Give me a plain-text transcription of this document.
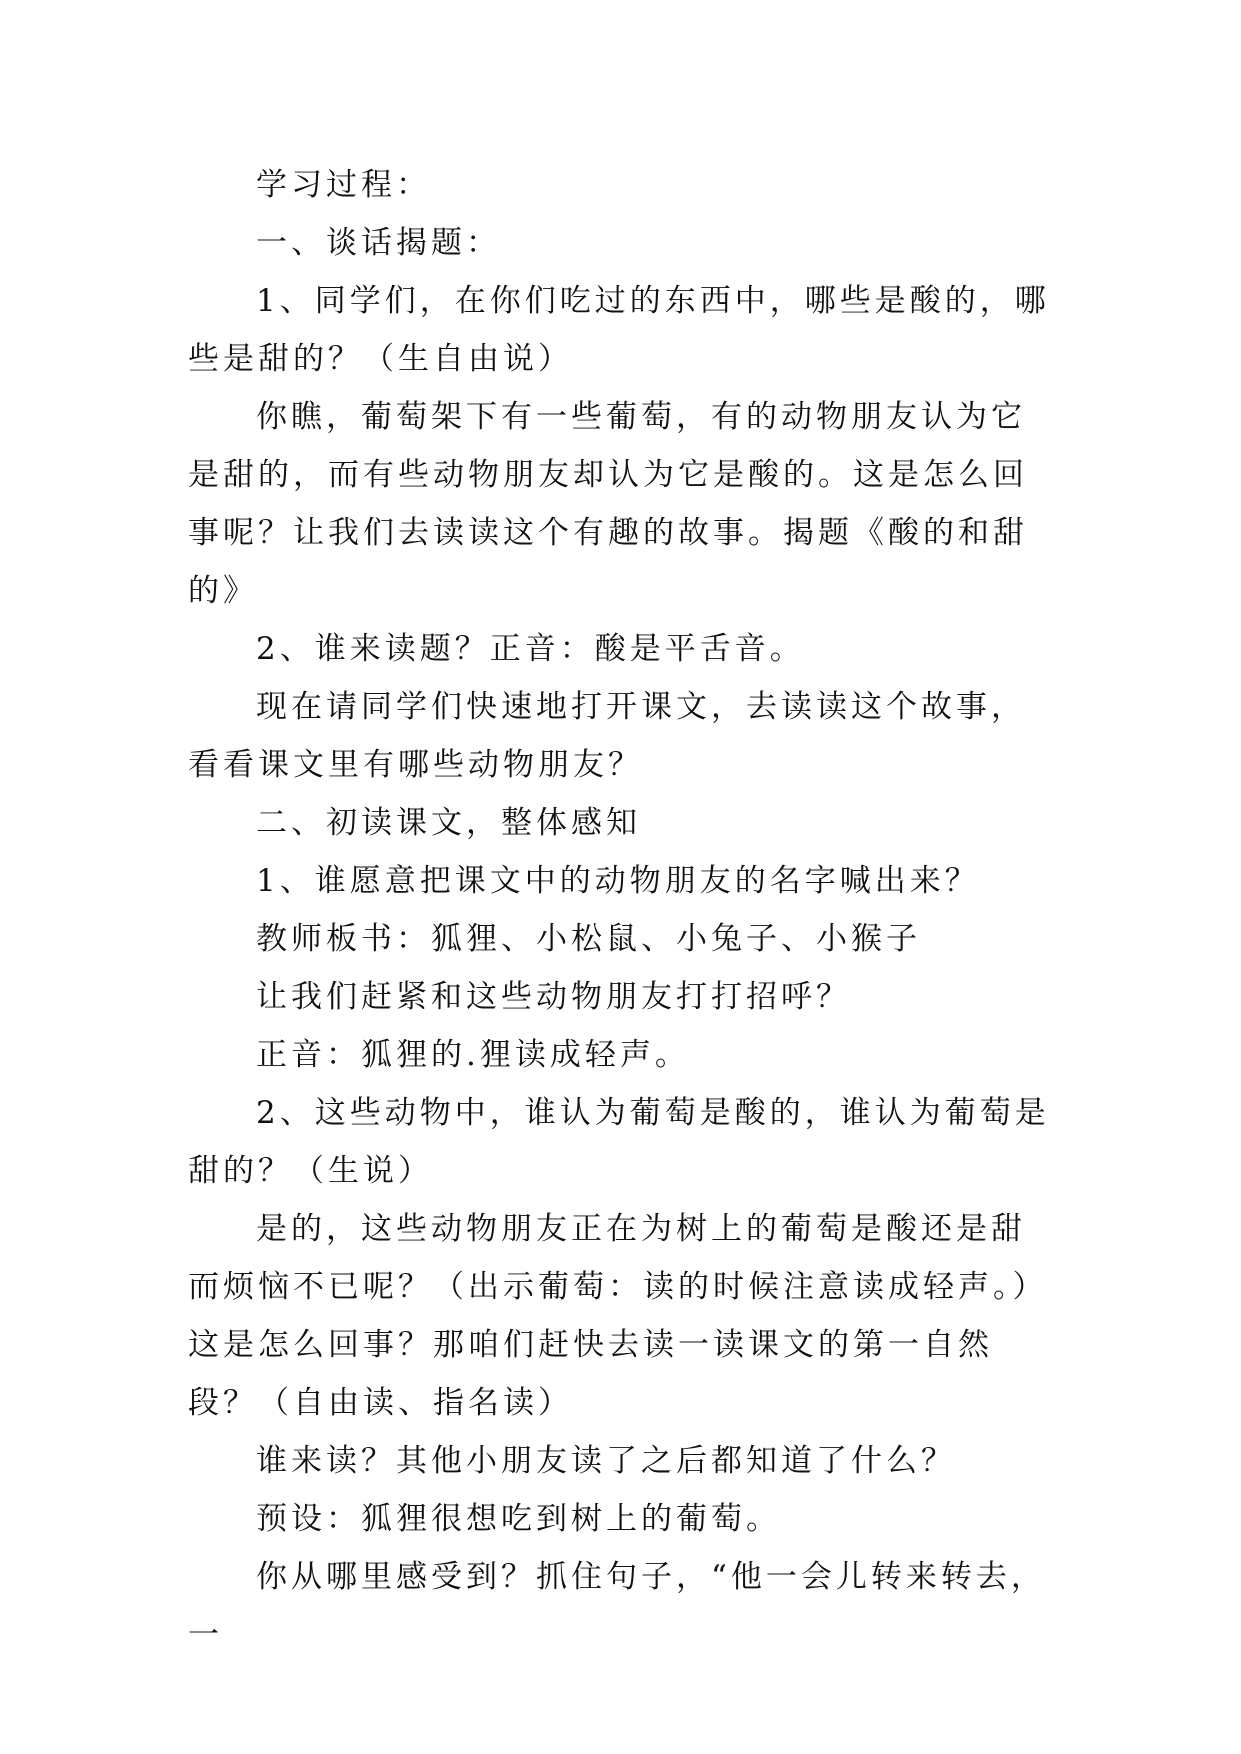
学习过程：

一、谈话揭题：

1、同学们，在你们吃过的东西中，哪些是酸的，哪些是甜的？（生自由说）

你瞧，葡萄架下有一些葡萄，有的动物朋友认为它是甜的，而有些动物朋友却认为它是酸的。这是怎么回事呢？让我们去读读这个有趣的故事。揭题《酸的和甜的》

2、谁来读题？正音：酸是平舌音。

现在请同学们快速地打开课文，去读读这个故事，看看课文里有哪些动物朋友？

二、初读课文，整体感知

1、谁愿意把课文中的动物朋友的名字喊出来？

教师板书：狐狸、小松鼠、小兔子、小猴子

让我们赶紧和这些动物朋友打打招呼？

正音：狐狸的.狸读成轻声。

2、这些动物中，谁认为葡萄是酸的，谁认为葡萄是甜的？（生说）

是的，这些动物朋友正在为树上的葡萄是酸还是甜而烦恼不已呢？（出示葡萄：读的时候注意读成轻声。）这是怎么回事？那咱们赶快去读一读课文的第一自然段？（自由读、指名读）

谁来读？其他小朋友读了之后都知道了什么？

预设：狐狸很想吃到树上的葡萄。

你从哪里感受到？抓住句子，“他一会儿转来转去，一
